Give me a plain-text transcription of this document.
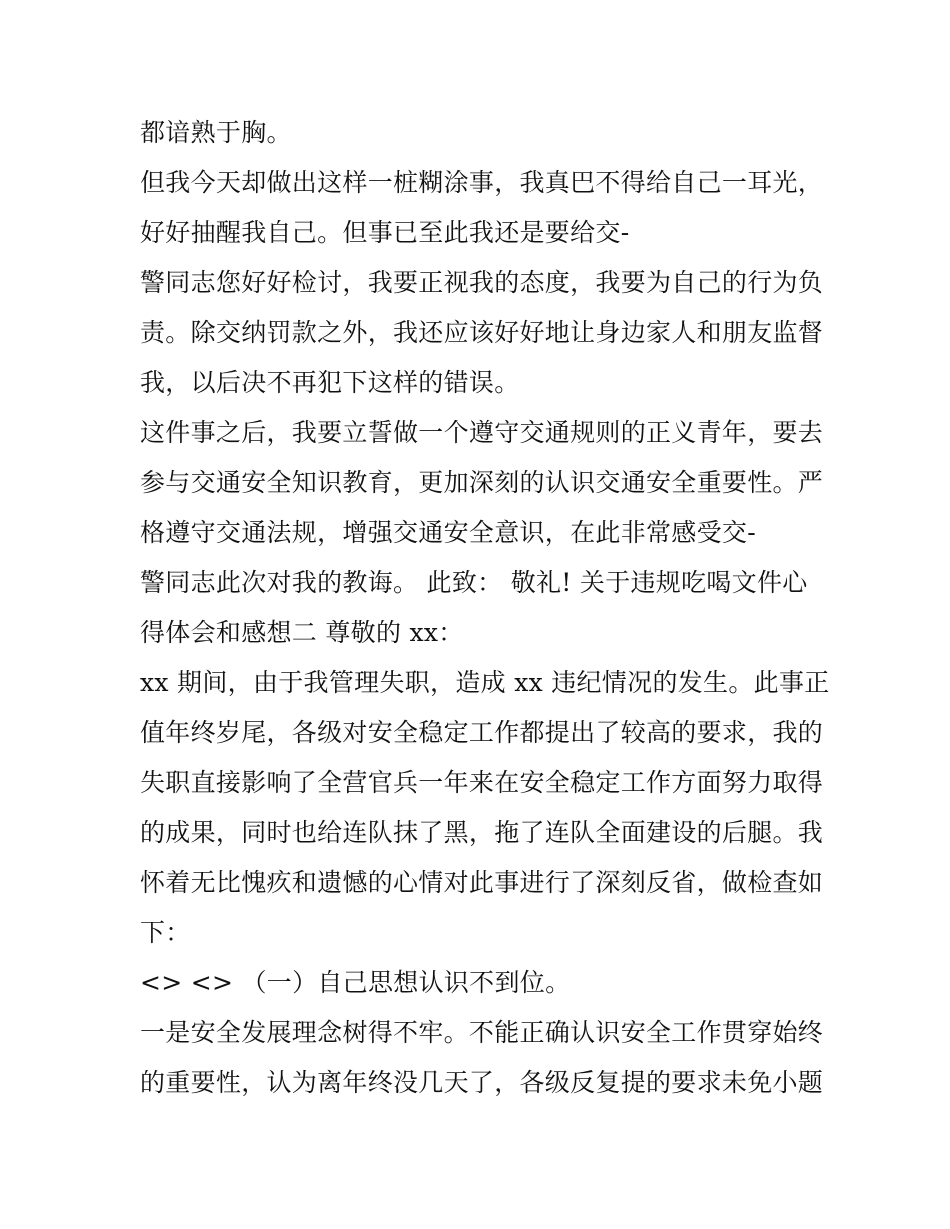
都谙熟于胸。
但我今天却做出这样一桩糊涂事，我真巴不得给自己一耳光，
好好抽醒我自己。但事已至此我还是要给交-
警同志您好好检讨，我要正视我的态度，我要为自己的行为负
责。除交纳罚款之外，我还应该好好地让身边家人和朋友监督
我，以后决不再犯下这样的错误。
这件事之后，我要立誓做一个遵守交通规则的正义青年，要去
参与交通安全知识教育，更加深刻的认识交通安全重要性。严
格遵守交通法规，增强交通安全意识，在此非常感受交-
警同志此次对我的教诲。 此致： 敬礼! 关于违规吃喝文件心
得体会和感想二 尊敬的 xx：
xx 期间，由于我管理失职，造成 xx 违纪情况的发生。此事正
值年终岁尾，各级对安全稳定工作都提出了较高的要求，我的
失职直接影响了全营官兵一年来在安全稳定工作方面努力取得
的成果，同时也给连队抹了黑，拖了连队全面建设的后腿。我
怀着无比愧疚和遗憾的心情对此事进行了深刻反省，做检查如
下：
<> <> （一）自己思想认识不到位。
一是安全发展理念树得不牢。不能正确认识安全工作贯穿始终
的重要性，认为离年终没几天了，各级反复提的要求未免小题
